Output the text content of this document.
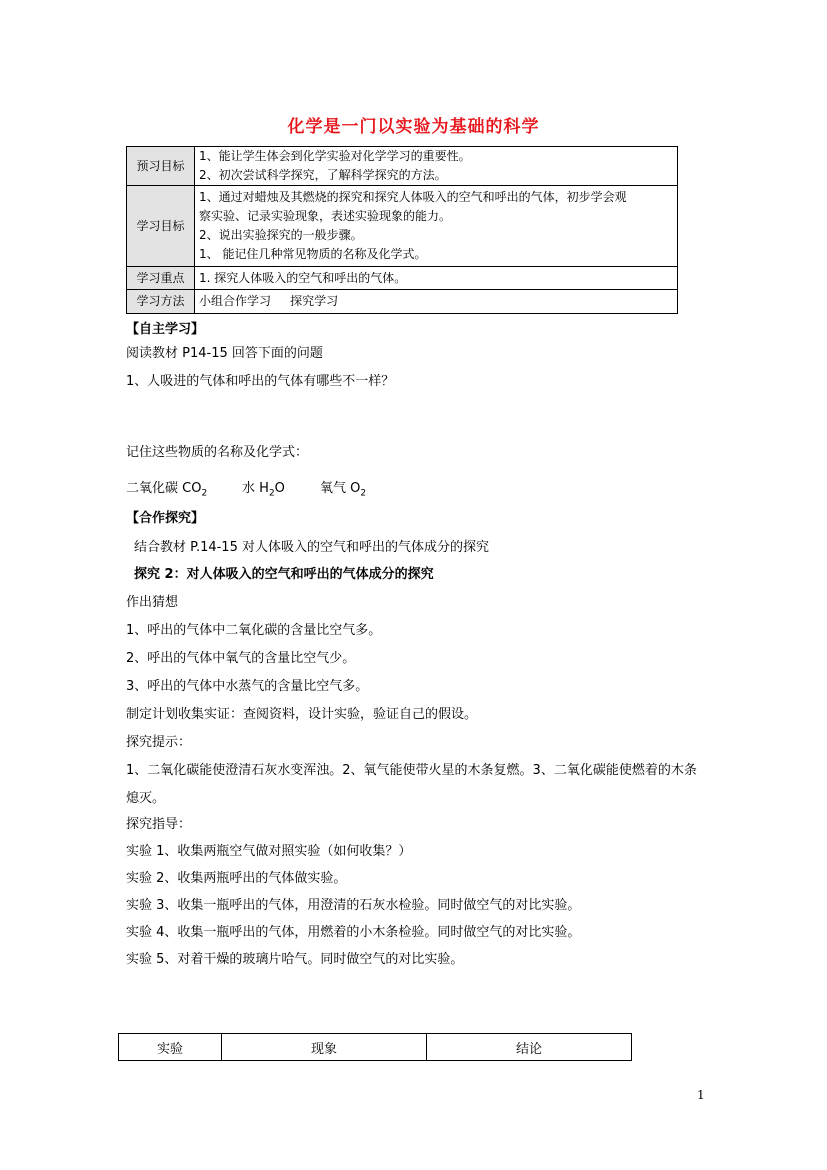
化学是一门以实验为基础的科学
预习目标	1、能让学生体会到化学实验对化学学习的重要性。
2、初次尝试科学探究，了解科学探究的方法。

学习目标	1、通过对蜡烛及其燃烧的探究和探究人体吸入的空气和呼出的气体，初步学会观
察实验、记录实验现象，表述实验现象的能力。
2、说出实验探究的一般步骤。
1、 能记住几种常见物质的名称及化学式。

学习重点	1. 探究人体吸入的空气和呼出的气体。

学习方法	小组合作学习     探究学习
【自主学习】
阅读教材 P14-15 回答下面的问题
1、人吸进的气体和呼出的气体有哪些不一样？
记住这些物质的名称及化学式：
二氧化碳 $CO_2$	水 $H_2O$	氧气 $O_2$
【合作探究】
结合教材 P.14-15 对人体吸入的空气和呼出的气体成分的探究
探究 2：对人体吸入的空气和呼出的气体成分的探究
作出猜想
1、呼出的气体中二氧化碳的含量比空气多。
2、呼出的气体中氧气的含量比空气少。
3、呼出的气体中水蒸气的含量比空气多。
制定计划收集实证：查阅资料，设计实验，验证自己的假设。
探究提示：
1、二氧化碳能使澄清石灰水变浑浊。2、氧气能使带火星的木条复燃。3、二氧化碳能使燃着的木条
熄灭。
探究指导：
实验 1、收集两瓶空气做对照实验（如何收集？）
实验 2、收集两瓶呼出的气体做实验。
实验 3、收集一瓶呼出的气体，用澄清的石灰水检验。同时做空气的对比实验。
实验 4、收集一瓶呼出的气体，用燃着的小木条检验。同时做空气的对比实验。
实验 5、对着干燥的玻璃片哈气。同时做空气的对比实验。
实验	现象	结论
1
